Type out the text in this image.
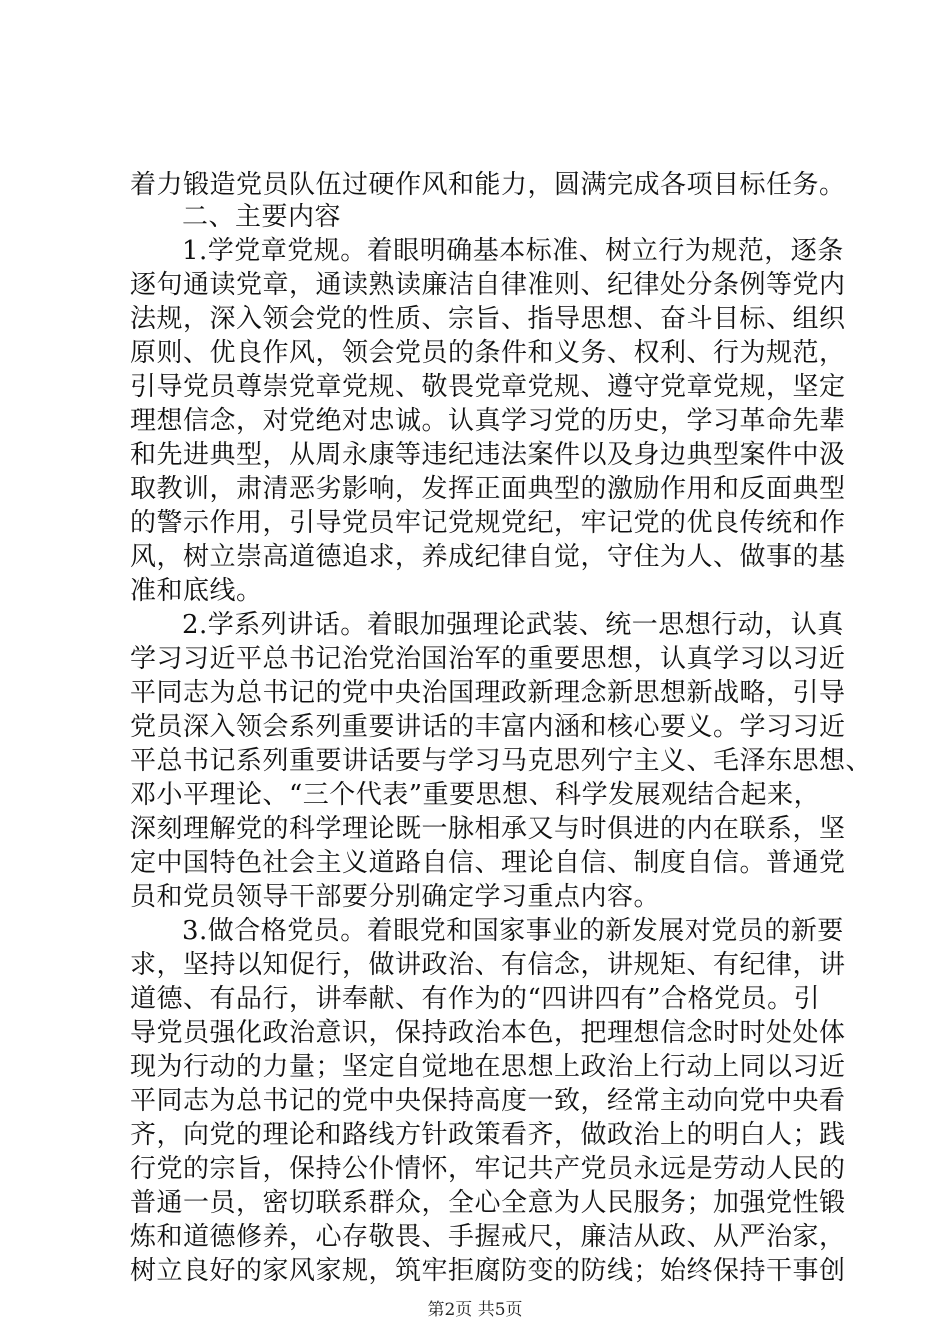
着力锻造党员队伍过硬作风和能力，圆满完成各项目标任务。
二、主要内容
1.学党章党规。着眼明确基本标准、树立行为规范，逐条
逐句通读党章，通读熟读廉洁自律准则、纪律处分条例等党内
法规，深入领会党的性质、宗旨、指导思想、奋斗目标、组织
原则、优良作风，领会党员的条件和义务、权利、行为规范，
引导党员尊崇党章党规、敬畏党章党规、遵守党章党规，坚定
理想信念，对党绝对忠诚。认真学习党的历史，学习革命先辈
和先进典型，从周永康等违纪违法案件以及身边典型案件中汲
取教训，肃清恶劣影响，发挥正面典型的激励作用和反面典型
的警示作用，引导党员牢记党规党纪，牢记党的优良传统和作
风，树立崇高道德追求，养成纪律自觉，守住为人、做事的基
准和底线。
2.学系列讲话。着眼加强理论武装、统一思想行动，认真
学习习近平总书记治党治国治军的重要思想，认真学习以习近
平同志为总书记的党中央治国理政新理念新思想新战略，引导
党员深入领会系列重要讲话的丰富内涵和核心要义。学习习近
平总书记系列重要讲话要与学习马克思列宁主义、毛泽东思想、
邓小平理论、“三个代表”重要思想、科学发展观结合起来，
深刻理解党的科学理论既一脉相承又与时俱进的内在联系，坚
定中国特色社会主义道路自信、理论自信、制度自信。普通党
员和党员领导干部要分别确定学习重点内容。
3.做合格党员。着眼党和国家事业的新发展对党员的新要
求，坚持以知促行，做讲政治、有信念，讲规矩、有纪律，讲
道德、有品行，讲奉献、有作为的“四讲四有”合格党员。引
导党员强化政治意识，保持政治本色，把理想信念时时处处体
现为行动的力量；坚定自觉地在思想上政治上行动上同以习近
平同志为总书记的党中央保持高度一致，经常主动向党中央看
齐，向党的理论和路线方针政策看齐，做政治上的明白人；践
行党的宗旨，保持公仆情怀，牢记共产党员永远是劳动人民的
普通一员，密切联系群众，全心全意为人民服务；加强党性锻
炼和道德修养，心存敬畏、手握戒尺，廉洁从政、从严治家，
树立良好的家风家规，筑牢拒腐防变的防线；始终保持干事创
第2页 共5页
